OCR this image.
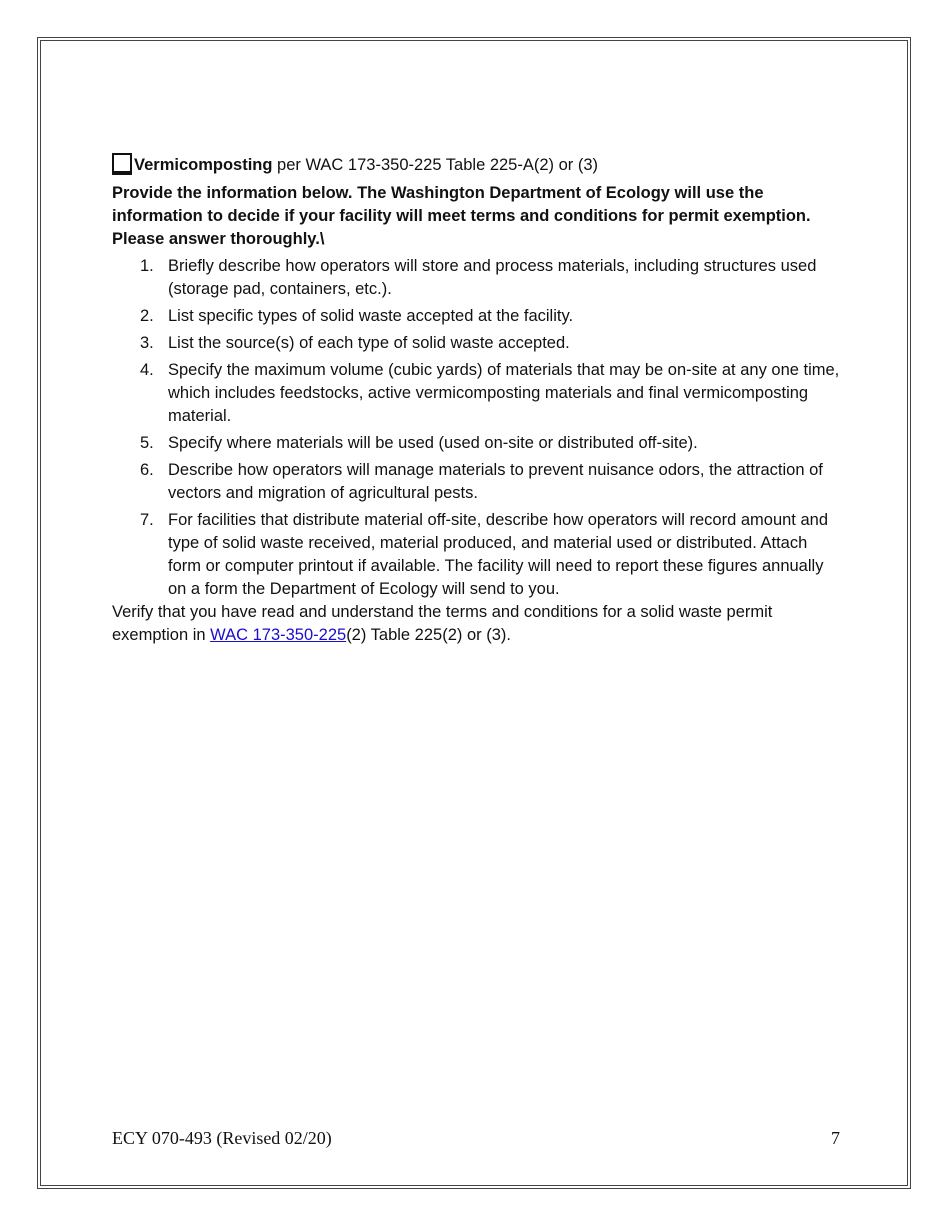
Vermicomposting per WAC 173-350-225 Table 225-A(2) or (3)
Provide the information below. The Washington Department of Ecology will use the information to decide if your facility will meet terms and conditions for permit exemption. Please answer thoroughly.\
1. Briefly describe how operators will store and process materials, including structures used (storage pad, containers, etc.).
2. List specific types of solid waste accepted at the facility.
3. List the source(s) of each type of solid waste accepted.
4. Specify the maximum volume (cubic yards) of materials that may be on-site at any one time, which includes feedstocks, active vermicomposting materials and final vermicomposting material.
5. Specify where materials will be used (used on-site or distributed off-site).
6. Describe how operators will manage materials to prevent nuisance odors, the attraction of vectors and migration of agricultural pests.
7. For facilities that distribute material off-site, describe how operators will record amount and type of solid waste received, material produced, and material used or distributed. Attach form or computer printout if available. The facility will need to report these figures annually on a form the Department of Ecology will send to you.
Verify that you have read and understand the terms and conditions for a solid waste permit exemption in WAC 173-350-225(2) Table 225(2) or (3).
ECY 070-493 (Revised 02/20)	7
